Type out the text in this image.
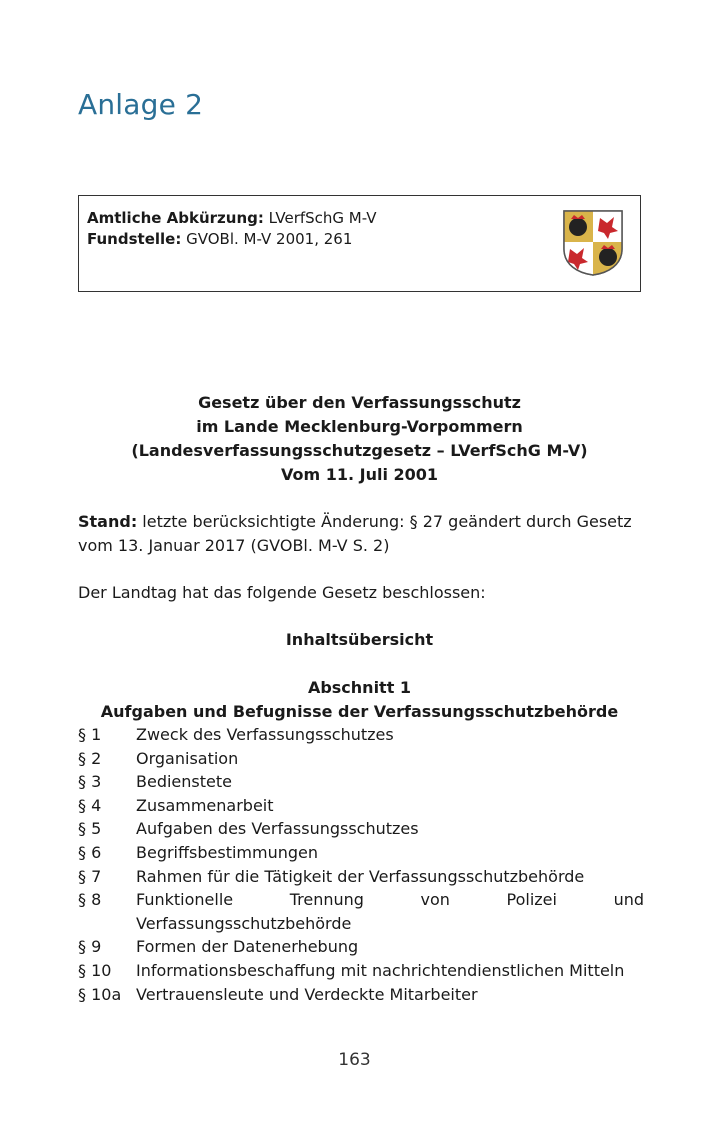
Anlage 2
Amtliche Abkürzung: LVerfSchG M-V
Fundstelle: GVOBl. M-V 2001, 261
Gesetz über den Verfassungsschutz
im Lande Mecklenburg-Vorpommern
(Landesverfassungsschutzgesetz – LVerfSchG M-V)
Vom 11. Juli 2001
Stand: letzte berücksichtigte Änderung: § 27 geändert durch Gesetz vom 13. Januar 2017 (GVOBl. M-V S. 2)
Der Landtag hat das folgende Gesetz beschlossen:
Inhaltsübersicht
Abschnitt 1
Aufgaben und Befugnisse der Verfassungsschutzbehörde
§ 1	Zweck des Verfassungsschutzes
§ 2	Organisation
§ 3	Bedienstete
§ 4	Zusammenarbeit
§ 5	Aufgaben des Verfassungsschutzes
§ 6	Begriffsbestimmungen
§ 7	Rahmen für die Tätigkeit der Verfassungsschutzbehörde
§ 8	Funktionelle Trennung von Polizei und Verfassungsschutzbehörde
§ 9	Formen der Datenerhebung
§ 10	Informationsbeschaffung mit nachrichtendienstlichen Mitteln
§ 10a Vertrauensleute und Verdeckte Mitarbeiter
163
